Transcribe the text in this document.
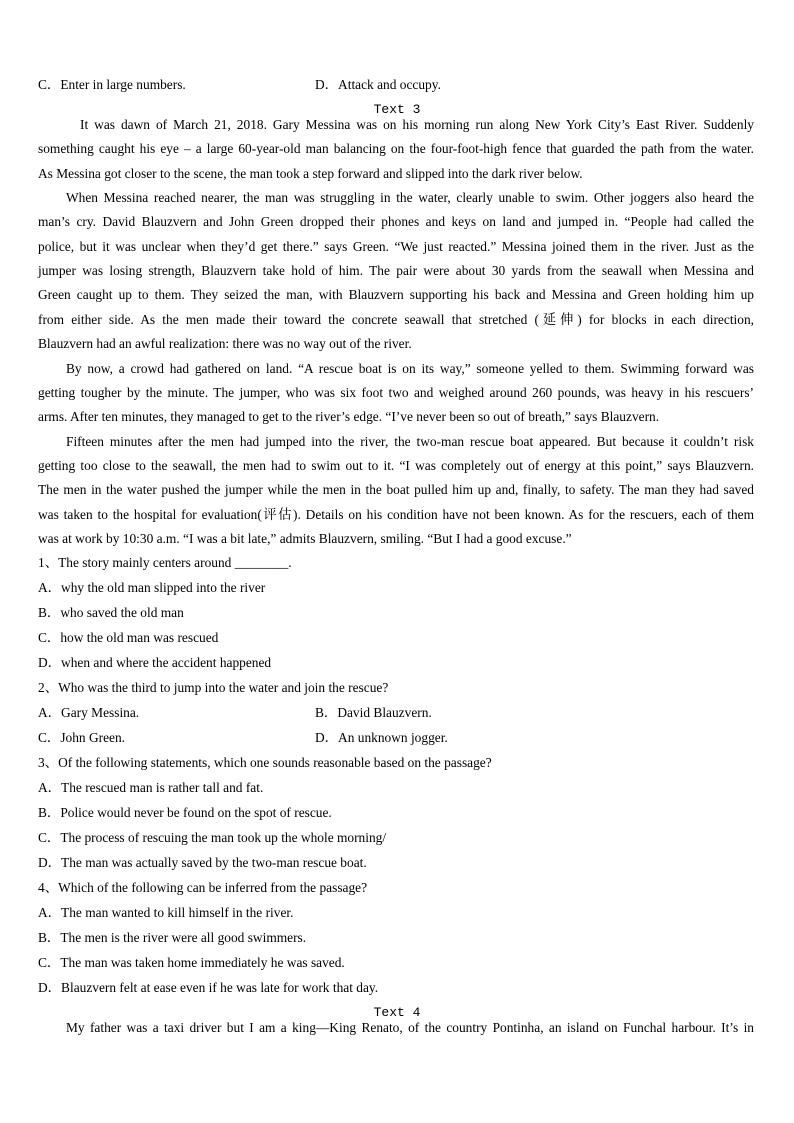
C．Enter in large numbers.	D．Attack and occupy.
Text 3
It was dawn of March 21, 2018. Gary Messina was on his morning run along New York City’s East River. Suddenly
something caught his eye – a large 60-year-old man balancing on the four-foot-high fence that guarded the path from the water.
As Messina got closer to the scene, the man took a step forward and slipped into the dark river below.
When Messina reached nearer, the man was struggling in the water, clearly unable to swim. Other joggers also heard the
man’s cry. David Blauzvern and John Green dropped their phones and keys on land and jumped in. “People had called the
police, but it was unclear when they’d get there.” says Green. “We just reacted.” Messina joined them in the river. Just as the
jumper was losing strength, Blauzvern take hold of him. The pair were about 30 yards from the seawall when Messina and
Green caught up to them. They seized the man, with Blauzvern supporting his back and Messina and Green holding him up
from either side. As the men made their toward the concrete seawall that stretched (延伸) for blocks in each direction,
Blauzvern had an awful realization: there was no way out of the river.
By now, a crowd had gathered on land. “A rescue boat is on its way,” someone yelled to them. Swimming forward was
getting tougher by the minute. The jumper, who was six foot two and weighed around 260 pounds, was heavy in his rescuers’
arms. After ten minutes, they managed to get to the river’s edge. “I’ve never been so out of breath,” says Blauzvern.
Fifteen minutes after the men had jumped into the river, the two-man rescue boat appeared. But because it couldn’t risk
getting too close to the seawall, the men had to swim out to it. “I was completely out of energy at this point,” says Blauzvern.
The men in the water pushed the jumper while the men in the boat pulled him up and, finally, to safety. The man they had saved
was taken to the hospital for evaluation(评估). Details on his condition have not been known. As for the rescuers, each of them
was at work by 10:30 a.m. “I was a bit late,” admits Blauzvern, smiling. “But I had a good excuse.”
1、The story mainly centers around ________.
A．why the old man slipped into the river
B．who saved the old man
C．how the old man was rescued
D．when and where the accident happened
2、Who was the third to jump into the water and join the rescue?
A．Gary Messina.	B．David Blauzvern.
C．John Green.	D．An unknown jogger.
3、Of the following statements, which one sounds reasonable based on the passage?
A．The rescued man is rather tall and fat.
B．Police would never be found on the spot of rescue.
C．The process of rescuing the man took up the whole morning/
D．The man was actually saved by the two-man rescue boat.
4、Which of the following can be inferred from the passage?
A．The man wanted to kill himself in the river.
B．The men is the river were all good swimmers.
C．The man was taken home immediately he was saved.
D．Blauzvern felt at ease even if he was late for work that day.
Text 4
My father was a taxi driver but I am a king—King Renato, of the country Pontinha, an island on Funchal harbour. It’s in
